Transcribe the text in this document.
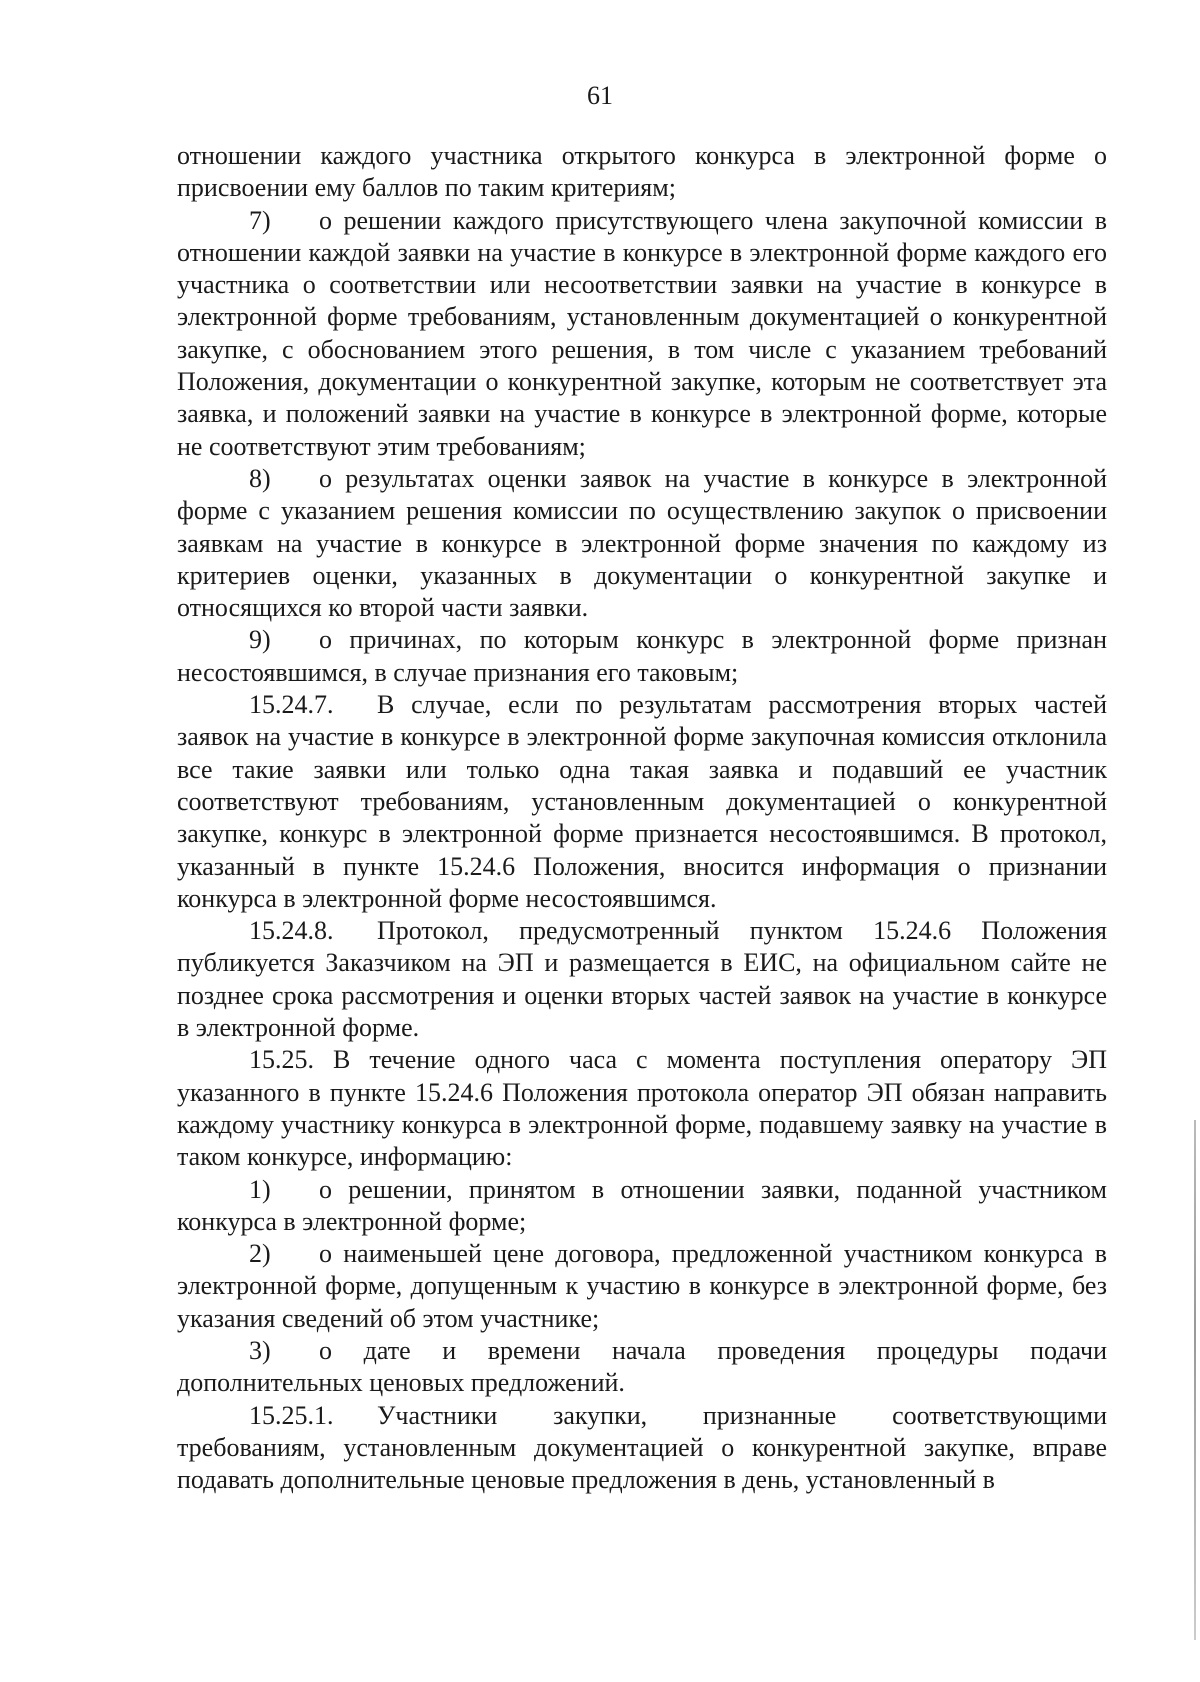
61

отношении каждого участника открытого конкурса в электронной форме о присвоении ему баллов по таким критериям;

7) о решении каждого присутствующего члена закупочной комиссии в отношении каждой заявки на участие в конкурсе в электронной форме каждого его участника о соответствии или несоответствии заявки на участие в конкурсе в электронной форме требованиям, установленным документацией о конкурентной закупке, с обоснованием этого решения, в том числе с указанием требований Положения, документации о конкурентной закупке, которым не соответствует эта заявка, и положений заявки на участие в конкурсе в электронной форме, которые не соответствуют этим требованиям;

8) о результатах оценки заявок на участие в конкурсе в электронной форме с указанием решения комиссии по осуществлению закупок о присвоении заявкам на участие в конкурсе в электронной форме значения по каждому из критериев оценки, указанных в документации о конкурентной закупке и относящихся ко второй части заявки.

9) о причинах, по которым конкурс в электронной форме признан несостоявшимся, в случае признания его таковым;

15.24.7. В случае, если по результатам рассмотрения вторых частей заявок на участие в конкурсе в электронной форме закупочная комиссия отклонила все такие заявки или только одна такая заявка и подавший ее участник соответствуют требованиям, установленным документацией о конкурентной закупке, конкурс в электронной форме признается несостоявшимся. В протокол, указанный в пункте 15.24.6 Положения, вносится информация о признании конкурса в электронной форме несостоявшимся.

15.24.8. Протокол, предусмотренный пунктом 15.24.6 Положения публикуется Заказчиком на ЭП и размещается в ЕИС, на официальном сайте не позднее срока рассмотрения и оценки вторых частей заявок на участие в конкурсе в электронной форме.

15.25. В течение одного часа с момента поступления оператору ЭП указанного в пункте 15.24.6 Положения протокола оператор ЭП обязан направить каждому участнику конкурса в электронной форме, подавшему заявку на участие в таком конкурсе, информацию:

1) о решении, принятом в отношении заявки, поданной участником конкурса в электронной форме;

2) о наименьшей цене договора, предложенной участником конкурса в электронной форме, допущенным к участию в конкурсе в электронной форме, без указания сведений об этом участнике;

3) о дате и времени начала проведения процедуры подачи дополнительных ценовых предложений.

15.25.1. Участники закупки, признанные соответствующими требованиям, установленным документацией о конкурентной закупке, вправе подавать дополнительные ценовые предложения в день, установленный в
